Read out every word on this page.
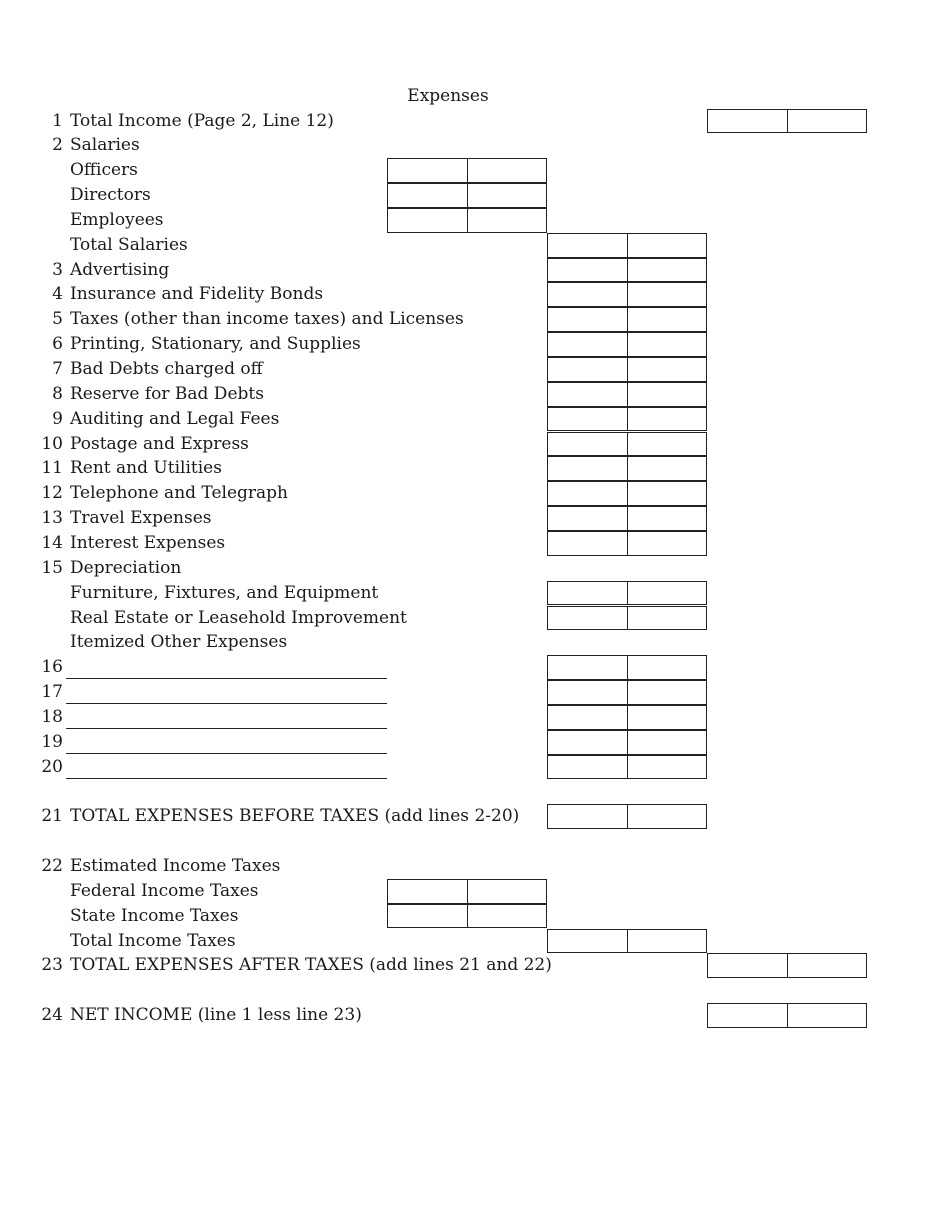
Expenses
1 Total Income (Page 2, Line 12)
2 Salaries
Officers
Directors
Employees
Total Salaries
3 Advertising
4 Insurance and Fidelity Bonds
5 Taxes (other than income taxes) and Licenses
6 Printing, Stationary, and Supplies
7 Bad Debts charged off
8 Reserve for Bad Debts
9 Auditing and Legal Fees
10 Postage and Express
11 Rent and Utilities
12 Telephone and Telegraph
13 Travel Expenses
14 Interest Expenses
15 Depreciation
Furniture, Fixtures, and Equipment
Real Estate or Leasehold Improvement
Itemized Other Expenses
16
17
18
19
20
21 TOTAL EXPENSES BEFORE TAXES (add lines 2-20)
22 Estimated Income Taxes
Federal Income Taxes
State Income Taxes
Total Income Taxes
23 TOTAL EXPENSES AFTER TAXES (add lines 21 and 22)
24 NET INCOME (line 1 less line 23)
